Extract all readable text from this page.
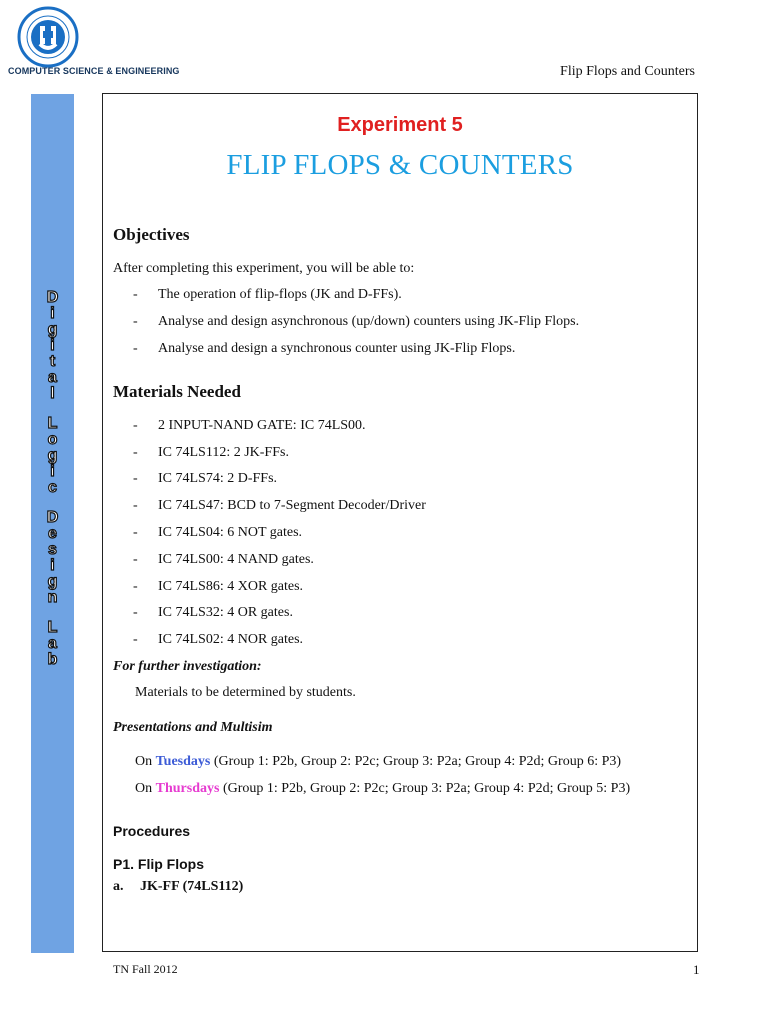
COMPUTER SCIENCE & ENGINEERING	Flip Flops and Counters
D
i
g
i
t
a
l
L
o
g
i
c
D
e
s
i
g
n
L
a
b
Experiment 5
FLIP FLOPS & COUNTERS
Objectives
After completing this experiment, you will be able to:
- The operation of flip-flops (JK and D-FFs).
- Analyse and design asynchronous (up/down) counters using JK-Flip Flops.
- Analyse and design a synchronous counter using JK-Flip Flops.
Materials Needed
- 2 INPUT-NAND GATE: IC 74LS00.
- IC 74LS112: 2 JK-FFs.
- IC 74LS74: 2 D-FFs.
- IC 74LS47: BCD to 7-Segment Decoder/Driver
- IC 74LS04: 6 NOT gates.
- IC 74LS00: 4 NAND gates.
- IC 74LS86: 4 XOR gates.
- IC 74LS32: 4 OR gates.
- IC 74LS02: 4 NOR gates.
For further investigation:
Materials to be determined by students.
Presentations and Multisim
On Tuesdays (Group 1: P2b, Group 2: P2c; Group 3: P2a; Group 4: P2d; Group 6: P3)
On Thursdays (Group 1: P2b, Group 2: P2c; Group 3: P2a; Group 4: P2d; Group 5: P3)
Procedures
P1. Flip Flops
a. JK-FF (74LS112)
TN Fall 2012	1
